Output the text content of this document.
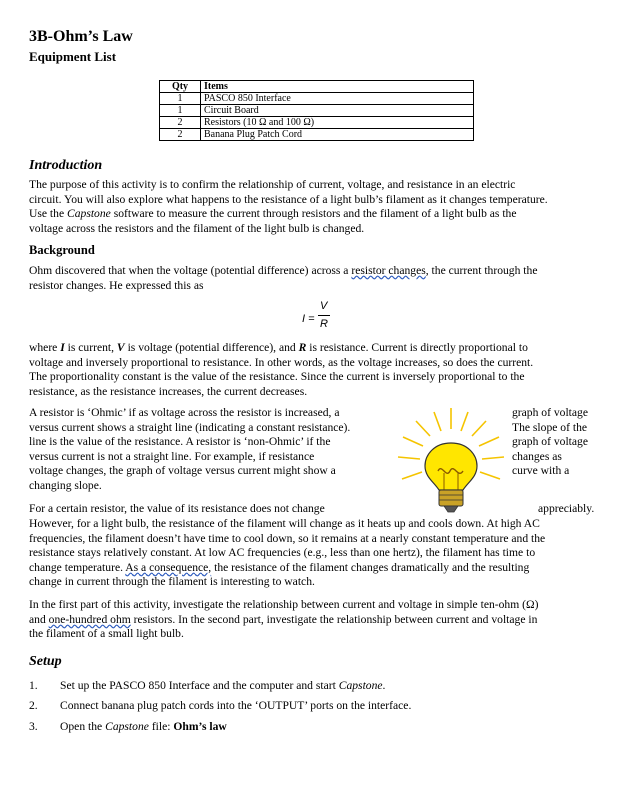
3B-Ohm’s Law
Equipment List
Qty	Items
1	PASCO 850 Interface
1	Circuit Board
2	Resistors (10 Ω and 100 Ω)
2	Banana Plug Patch Cord
Introduction
The purpose of this activity is to confirm the relationship of current, voltage, and resistance in an electric
circuit. You will also explore what happens to the resistance of a light bulb’s filament as it changes temperature.
Use the Capstone software to measure the current through resistors and the filament of a light bulb as the
voltage across the resistors and the filament of the light bulb is changed.
Background
Ohm discovered that when the voltage (potential difference) across a resistor changes, the current through the
resistor changes. He expressed this as
I =
V
R
where I is current, V is voltage (potential difference), and R is resistance. Current is directly proportional to
voltage and inversely proportional to resistance. In other words, as the voltage increases, so does the current.
The proportionality constant is the value of the resistance. Since the current is inversely proportional to the
resistance, as the resistance increases, the current decreases.
A resistor is ‘Ohmic’ if as voltage across the resistor is increased, a
versus current shows a straight line (indicating a constant resistance).
line is the value of the resistance. A resistor is ‘non-Ohmic’ if the
versus current is not a straight line. For example, if resistance
voltage changes, the graph of voltage versus current might show a
changing slope.
graph of voltage
The slope of the
graph of voltage
changes as
curve with a
For a certain resistor, the value of its resistance does not change	appreciably.
However, for a light bulb, the resistance of the filament will change as it heats up and cools down. At high AC
frequencies, the filament doesn’t have time to cool down, so it remains at a nearly constant temperature and the
resistance stays relatively constant. At low AC frequencies (e.g., less than one hertz), the filament has time to
change temperature. As a consequence, the resistance of the filament changes dramatically and the resulting
change in current through the filament is interesting to watch.
In the first part of this activity, investigate the relationship between current and voltage in simple ten-ohm (Ω)
and one-hundred ohm resistors. In the second part, investigate the relationship between current and voltage in
the filament of a small light bulb.
Setup
1. Set up the PASCO 850 Interface and the computer and start Capstone.
2. Connect banana plug patch cords into the ‘OUTPUT’ ports on the interface.
3. Open the Capstone file: Ohm’s law
